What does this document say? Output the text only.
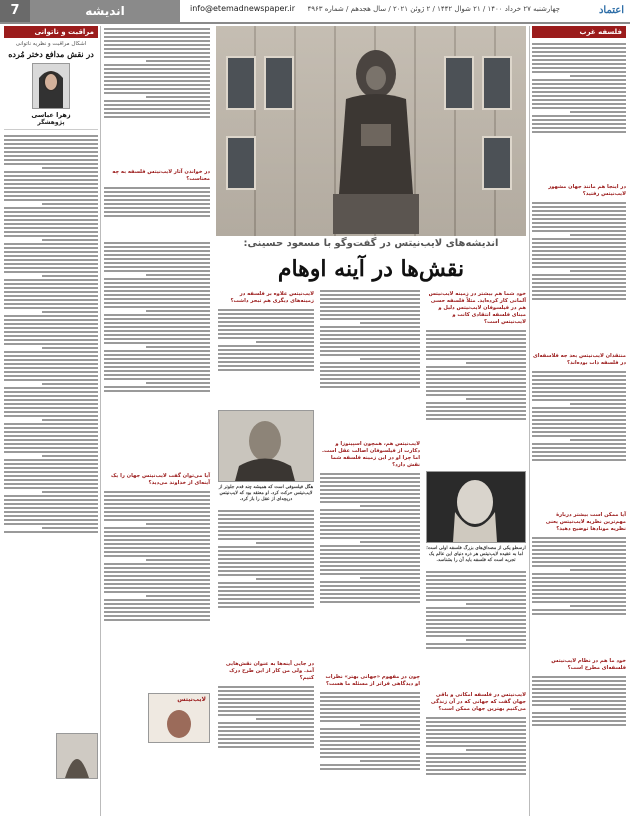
7	اندیشه	info@etemadnewspaper.ir چهارشنبه ۲۷ خرداد ۱۴۰۰ / ۲۱ شوال ۱۴۴۲ / ۲ ژوئن ۲۰۲۱ / سال هجدهم / شماره ۴۹۶۳	اعتماد
فلسفه غرب
در اینجا هم مانند جهان مشهور لایب‌نیتس رفتید؟
منتقدان لایب‌نیتس بعد جه فلاسفه‌ای در فلسفه ذات بوده‌اند؟
آیا ممکن است بیشتر دربارهٔ مهم‌ترین نظریه لایب‌نیتس یعنی نظریه مونادها توضیح دهید؟
خود ما هم در نظام لایب‌نیتس فلسفه‌ای مطرح است؟
اندیشه‌های لایب‌نیتس در گفت‌وگو با مسعود حسینی:
نقش‌ها در آینه اوهام
در خواندن آثار لایب‌نیتس فلسفه به چه معناست؟
خود شما هم بیشتر در زمینه لایب‌نیتس آلمانی کار کرده‌اید. مثلاً فلسفه حسی هم در فیلسوفان لایب‌نیتس دلیل و مبنای فلسفه انتقادی کانت و لایب‌نیتس است؟
ارسطو یکی از مصداق‌های بزرگ فلسفه اولی است؛ اما به عقیده لایب‌نیتس هر ذره دنیای این عالم یک تجربه است که فلسفه باید آن را بشناسد.
لایب‌نیتس در فلسفه امکانی و باقی جهان گفت که جهانی که در آن زندگی می‌کنیم بهترین جهان ممکن است؟
لایب‌نیتس هم، همچون اسپینوزا و دکارت از فیلسوفان اصالت عقل است. اما چرا او در این زمینه فلسفه شما نقش دارد؟
چون در مفهوم «جهانی بهتر» نظرات او دیدگاهی فراتر از مسئله ما هست؟
لایب‌نیتس علاوه بر فلسفه در زمینه‌های دیگری هم تبحر داشت؟
هگل فیلسوفی است که همیشه چند قدم جلوتر از لایب‌نیتس حرکت کرد. او معتقد بود که لایب‌نیتس دریچه‌ای از عقل را باز کرد.
در جایی آینه‌ها به عنوان نقش‌هایی آمد. ولی من کار از این طرح درک کنیم؟
آیا می‌توان گفت لایب‌نیتس جهان را یک آینه‌ای از خداوند می‌دید؟
لایب‌نیتس
مراقبت و ناتوانی
اشکال مراقبت و نظریه ناتوانی
در نقش مدافع دختر مُرده
زهرا عباسی
پژوهشگر
